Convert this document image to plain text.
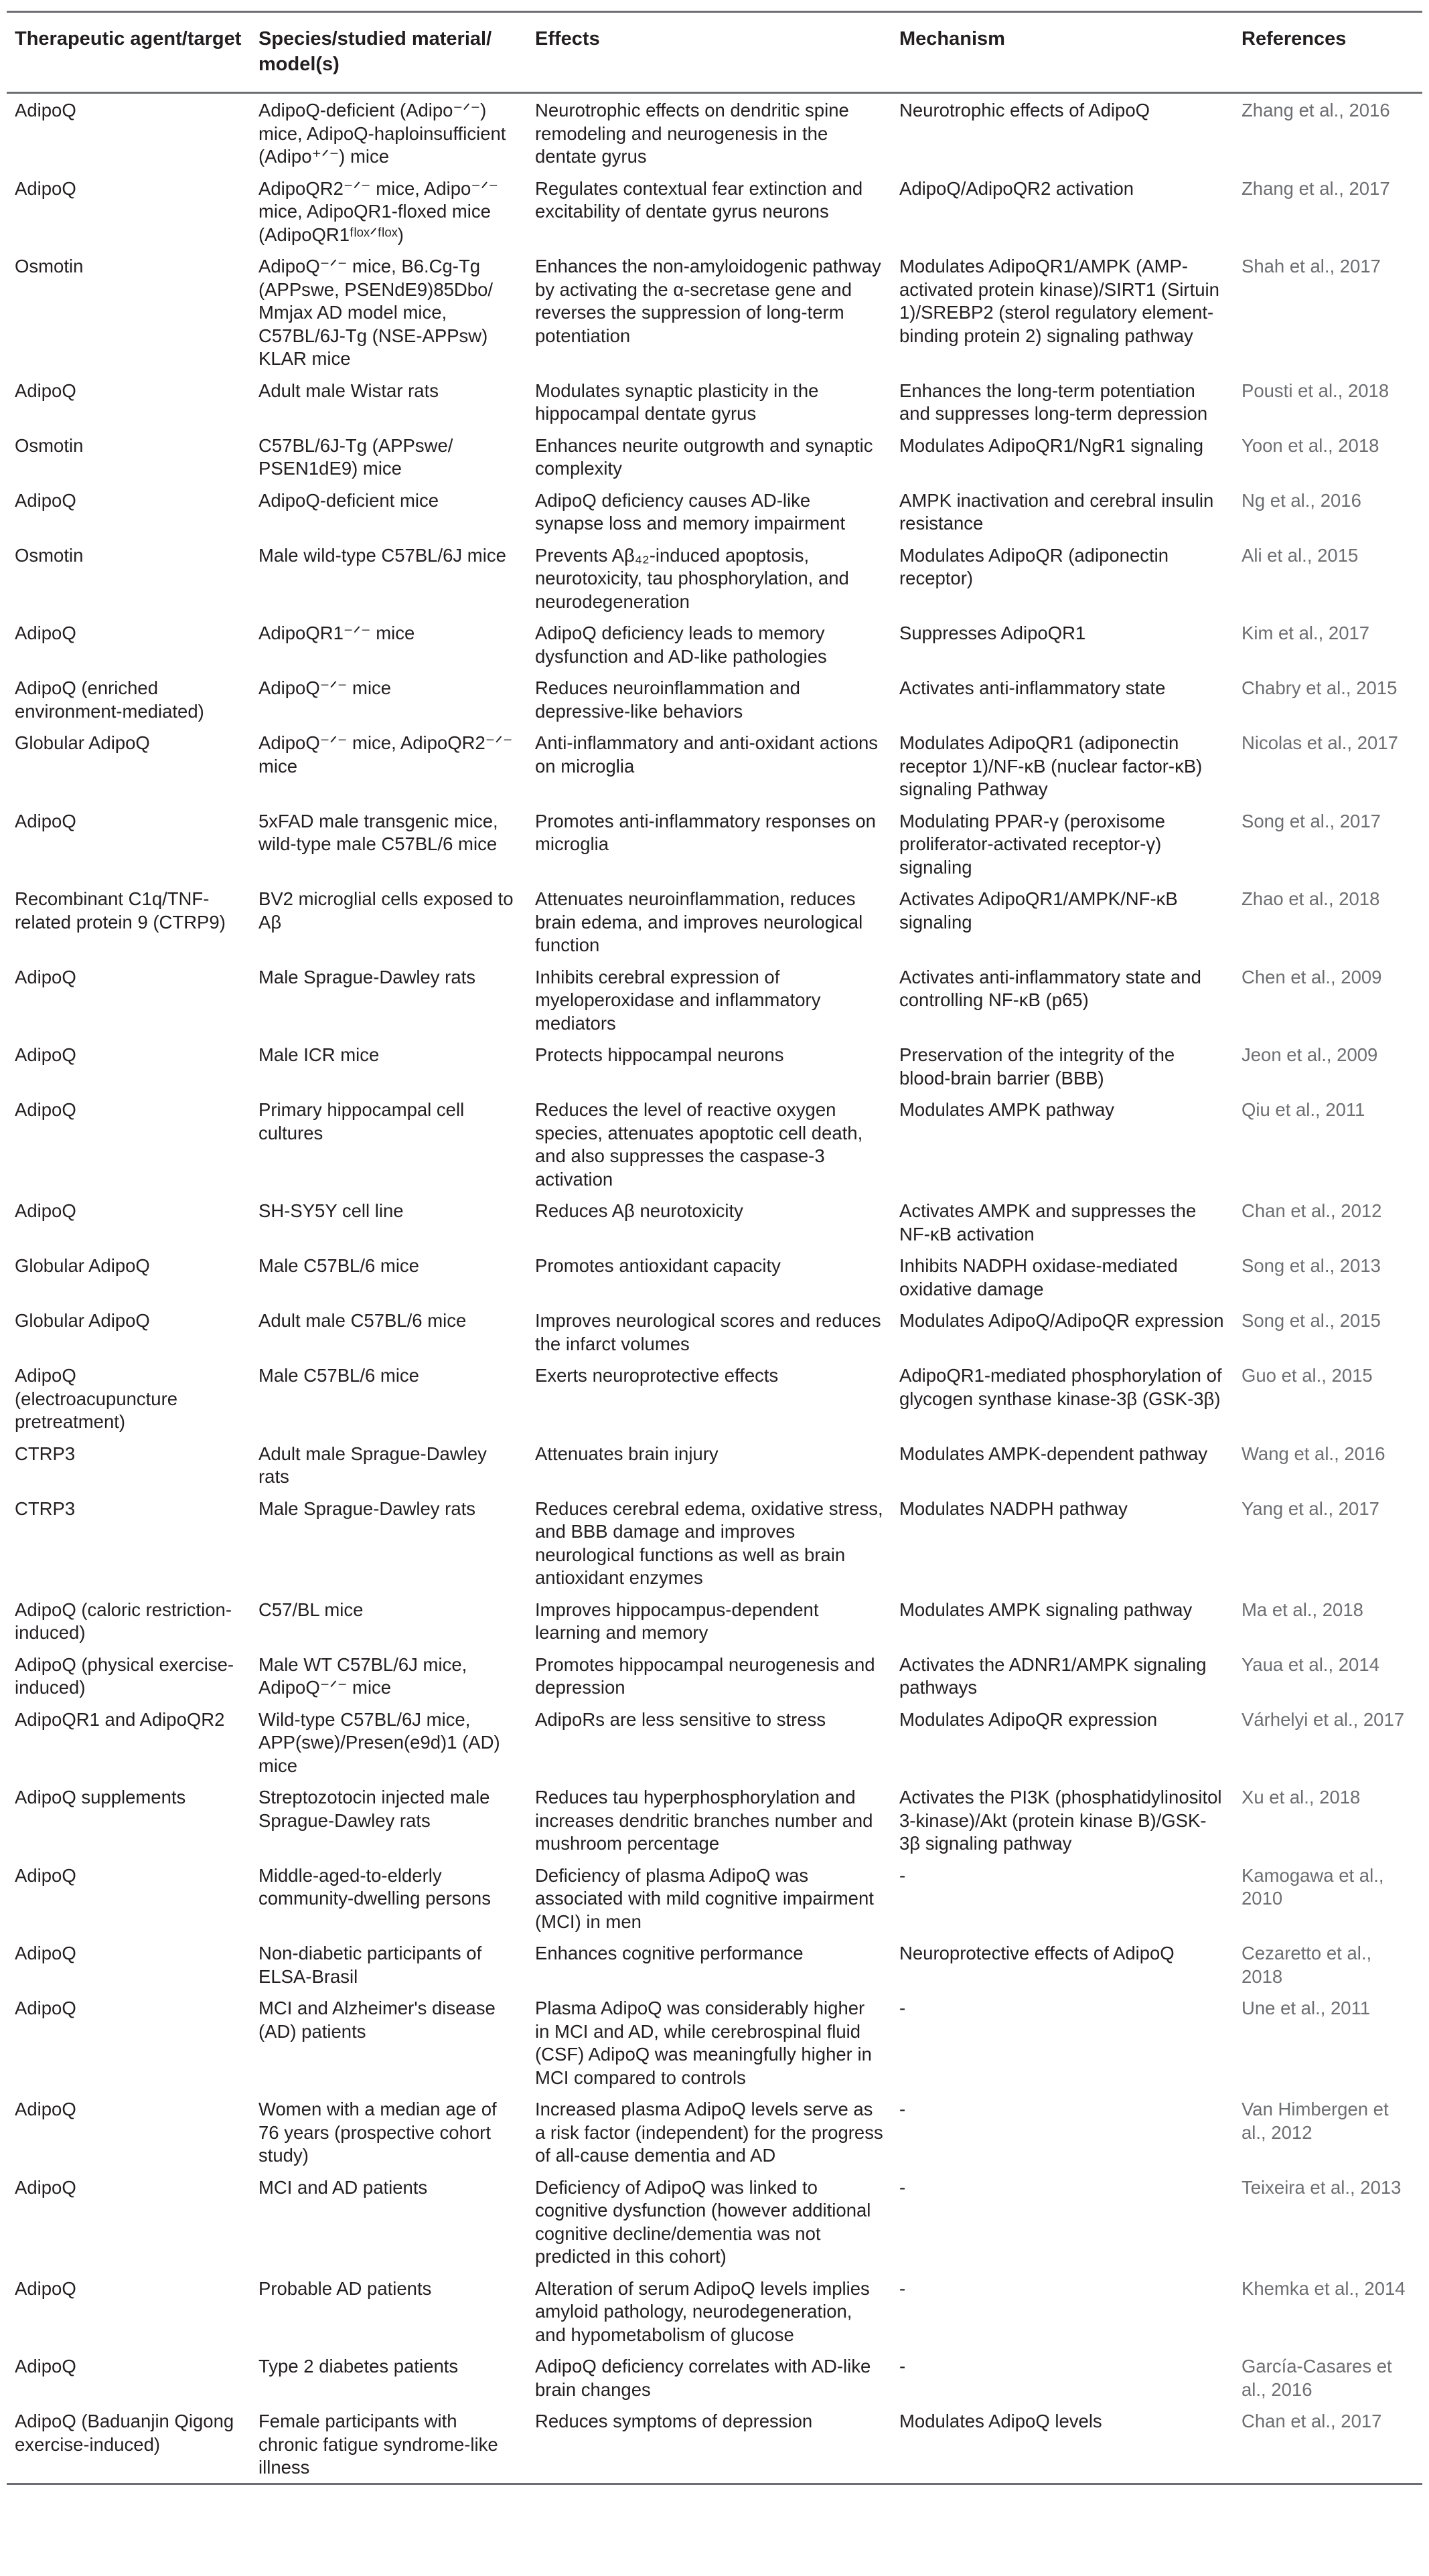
Therapeutic agent/target	Species/studied material/ model(s)	Effects	Mechanism	References
AdipoQ	AdipoQ-deficient (Adipo⁻ᐟ⁻) mice, AdipoQ-haploinsufficient (Adipo⁺ᐟ⁻) mice	Neurotrophic effects on dendritic spine remodeling and neurogenesis in the dentate gyrus	Neurotrophic effects of AdipoQ	Zhang et al., 2016
AdipoQ	AdipoQR2⁻ᐟ⁻ mice, Adipo⁻ᐟ⁻ mice, AdipoQR1-floxed mice (AdipoQR1ᶠˡᵒˣᐟᶠˡᵒˣ)	Regulates contextual fear extinction and excitability of dentate gyrus neurons	AdipoQ/AdipoQR2 activation	Zhang et al., 2017
Osmotin	AdipoQ⁻ᐟ⁻ mice, B6.Cg-Tg (APPswe, PSENdE9)85Dbo/ Mmjax AD model mice, C57BL/6J-Tg (NSE-APPsw) KLAR mice	Enhances the non-amyloidogenic pathway by activating the α-secretase gene and reverses the suppression of long-term potentiation	Modulates AdipoQR1/AMPK (AMP-activated protein kinase)/SIRT1 (Sirtuin 1)/SREBP2 (sterol regulatory element-binding protein 2) signaling pathway	Shah et al., 2017
AdipoQ	Adult male Wistar rats	Modulates synaptic plasticity in the hippocampal dentate gyrus	Enhances the long-term potentiation and suppresses long-term depression	Pousti et al., 2018
Osmotin	C57BL/6J-Tg (APPswe/ PSEN1dE9) mice	Enhances neurite outgrowth and synaptic complexity	Modulates AdipoQR1/NgR1 signaling	Yoon et al., 2018
AdipoQ	AdipoQ-deficient mice	AdipoQ deficiency causes AD-like synapse loss and memory impairment	AMPK inactivation and cerebral insulin resistance	Ng et al., 2016
Osmotin	Male wild-type C57BL/6J mice	Prevents Aβ₄₂-induced apoptosis, neurotoxicity, tau phosphorylation, and neurodegeneration	Modulates AdipoQR (adiponectin receptor)	Ali et al., 2015
AdipoQ	AdipoQR1⁻ᐟ⁻ mice	AdipoQ deficiency leads to memory dysfunction and AD-like pathologies	Suppresses AdipoQR1	Kim et al., 2017
AdipoQ (enriched environment-mediated)	AdipoQ⁻ᐟ⁻ mice	Reduces neuroinflammation and depressive-like behaviors	Activates anti-inflammatory state	Chabry et al., 2015
Globular AdipoQ	AdipoQ⁻ᐟ⁻ mice, AdipoQR2⁻ᐟ⁻ mice	Anti-inflammatory and anti-oxidant actions on microglia	Modulates AdipoQR1 (adiponectin receptor 1)/NF-κB (nuclear factor-κB) signaling Pathway	Nicolas et al., 2017
AdipoQ	5xFAD male transgenic mice, wild-type male C57BL/6 mice	Promotes anti-inflammatory responses on microglia	Modulating PPAR-γ (peroxisome proliferator-activated receptor-γ) signaling	Song et al., 2017
Recombinant C1q/TNF-related protein 9 (CTRP9)	BV2 microglial cells exposed to Aβ	Attenuates neuroinflammation, reduces brain edema, and improves neurological function	Activates AdipoQR1/AMPK/NF-κB signaling	Zhao et al., 2018
AdipoQ	Male Sprague-Dawley rats	Inhibits cerebral expression of myeloperoxidase and inflammatory mediators	Activates anti-inflammatory state and controlling NF-κB (p65)	Chen et al., 2009
AdipoQ	Male ICR mice	Protects hippocampal neurons	Preservation of the integrity of the blood-brain barrier (BBB)	Jeon et al., 2009
AdipoQ	Primary hippocampal cell cultures	Reduces the level of reactive oxygen species, attenuates apoptotic cell death, and also suppresses the caspase-3 activation	Modulates AMPK pathway	Qiu et al., 2011
AdipoQ	SH-SY5Y cell line	Reduces Aβ neurotoxicity	Activates AMPK and suppresses the NF-κB activation	Chan et al., 2012
Globular AdipoQ	Male C57BL/6 mice	Promotes antioxidant capacity	Inhibits NADPH oxidase-mediated oxidative damage	Song et al., 2013
Globular AdipoQ	Adult male C57BL/6 mice	Improves neurological scores and reduces the infarct volumes	Modulates AdipoQ/AdipoQR expression	Song et al., 2015
AdipoQ (electroacupuncture pretreatment)	Male C57BL/6 mice	Exerts neuroprotective effects	AdipoQR1-mediated phosphorylation of glycogen synthase kinase-3β (GSK-3β)	Guo et al., 2015
CTRP3	Adult male Sprague-Dawley rats	Attenuates brain injury	Modulates AMPK-dependent pathway	Wang et al., 2016
CTRP3	Male Sprague-Dawley rats	Reduces cerebral edema, oxidative stress, and BBB damage and improves neurological functions as well as brain antioxidant enzymes	Modulates NADPH pathway	Yang et al., 2017
AdipoQ (caloric restriction-induced)	C57/BL mice	Improves hippocampus-dependent learning and memory	Modulates AMPK signaling pathway	Ma et al., 2018
AdipoQ (physical exercise-induced)	Male WT C57BL/6J mice, AdipoQ⁻ᐟ⁻ mice	Promotes hippocampal neurogenesis and depression	Activates the ADNR1/AMPK signaling pathways	Yaua et al., 2014
AdipoQR1 and AdipoQR2	Wild-type C57BL/6J mice, APP(swe)/Presen(e9d)1 (AD) mice	AdipoRs are less sensitive to stress	Modulates AdipoQR expression	Várhelyi et al., 2017
AdipoQ supplements	Streptozotocin injected male Sprague-Dawley rats	Reduces tau hyperphosphorylation and increases dendritic branches number and mushroom percentage	Activates the PI3K (phosphatidylinositol 3-kinase)/Akt (protein kinase B)/GSK-3β signaling pathway	Xu et al., 2018
AdipoQ	Middle-aged-to-elderly community-dwelling persons	Deficiency of plasma AdipoQ was associated with mild cognitive impairment (MCI) in men	-	Kamogawa et al., 2010
AdipoQ	Non-diabetic participants of ELSA-Brasil	Enhances cognitive performance	Neuroprotective effects of AdipoQ	Cezaretto et al., 2018
AdipoQ	MCI and Alzheimer's disease (AD) patients	Plasma AdipoQ was considerably higher in MCI and AD, while cerebrospinal fluid (CSF) AdipoQ was meaningfully higher in MCI compared to controls	-	Une et al., 2011
AdipoQ	Women with a median age of 76 years (prospective cohort study)	Increased plasma AdipoQ levels serve as a risk factor (independent) for the progress of all-cause dementia and AD	-	Van Himbergen et al., 2012
AdipoQ	MCI and AD patients	Deficiency of AdipoQ was linked to cognitive dysfunction (however additional cognitive decline/dementia was not predicted in this cohort)	-	Teixeira et al., 2013
AdipoQ	Probable AD patients	Alteration of serum AdipoQ levels implies amyloid pathology, neurodegeneration, and hypometabolism of glucose	-	Khemka et al., 2014
AdipoQ	Type 2 diabetes patients	AdipoQ deficiency correlates with AD-like brain changes	-	García-Casares et al., 2016
AdipoQ (Baduanjin Qigong exercise-induced)	Female participants with chronic fatigue syndrome-like illness	Reduces symptoms of depression	Modulates AdipoQ levels	Chan et al., 2017
